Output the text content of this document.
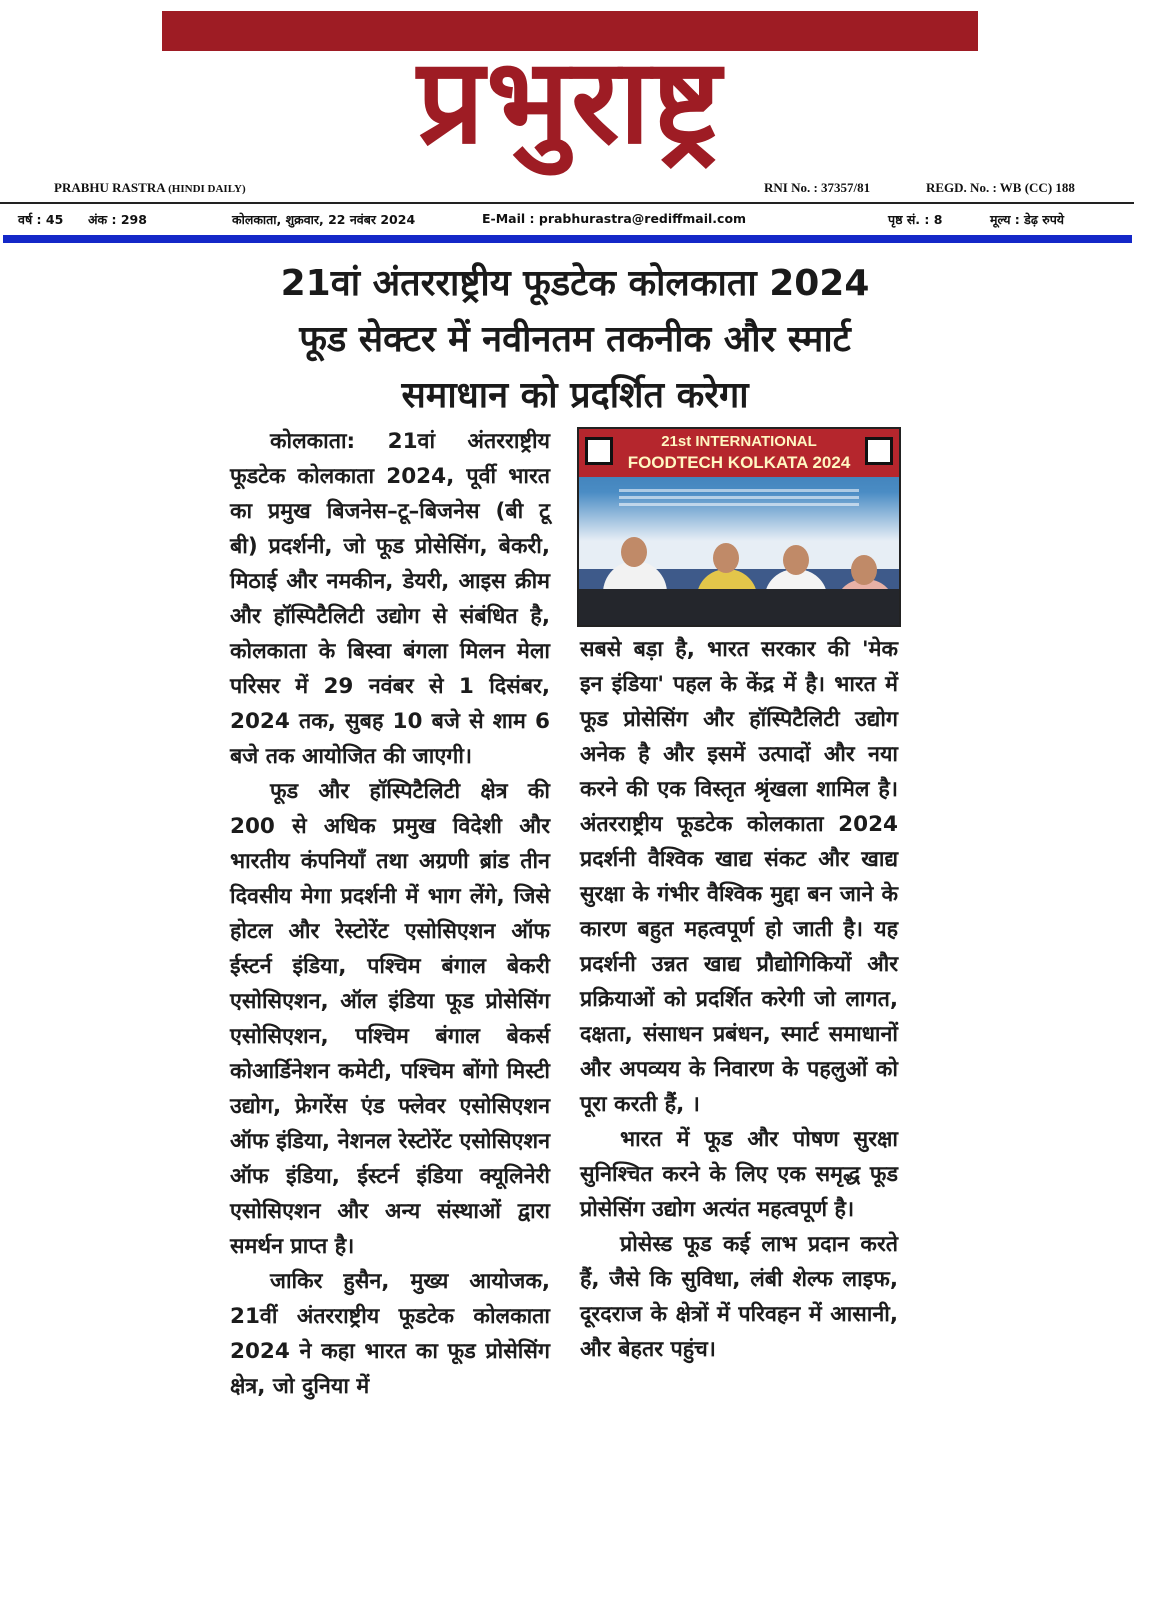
प्रभुराष्ट्र
PRABHU RASTRA (HINDI DAILY)	RNI No. : 37357/81	REGD. No. : WB (CC) 188
वर्ष : 45 अंक : 298	कोलकाता, शुक्रवार, 22 नवंबर 2024	E-Mail : prabhurastra@rediffmail.com	पृष्ठ सं. : 8	मूल्य : डेढ़ रुपये
21वां अंतरराष्ट्रीय फूडटेक कोलकाता 2024
फूड सेक्टर में नवीनतम तकनीक और स्मार्ट
समाधान को प्रदर्शित करेगा

कोलकाता: 21वां अंतरराष्ट्रीय फूडटेक कोलकाता 2024, पूर्वी भारत का प्रमुख बिजनेस–टू–बिजनेस (बी टू बी) प्रदर्शनी, जो फूड प्रोसेसिंग, बेकरी, मिठाई और नमकीन, डेयरी, आइस क्रीम और हॉस्पिटैलिटी उद्योग से संबंधित है, कोलकाता के बिस्वा बंगला मिलन मेला परिसर में 29 नवंबर से 1 दिसंबर, 2024 तक, सुबह 10 बजे से शाम 6 बजे तक आयोजित की जाएगी।

फूड और हॉस्पिटैलिटी क्षेत्र की 200 से अधिक प्रमुख विदेशी और भारतीय कंपनियाँ तथा अग्रणी ब्रांड तीन दिवसीय मेगा प्रदर्शनी में भाग लेंगे, जिसे होटल और रेस्टोरेंट एसोसिएशन ऑफ ईस्टर्न इंडिया, पश्चिम बंगाल बेकरी एसोसिएशन, ऑल इंडिया फूड प्रोसेसिंग एसोसिएशन, पश्चिम बंगाल बेकर्स कोआर्डिनेशन कमेटी, पश्चिम बोंगो मिस्टी उद्योग, फ्रेगरेंस एंड फ्लेवर एसोसिएशन ऑफ इंडिया, नेशनल रेस्टोरेंट एसोसिएशन ऑफ इंडिया, ईस्टर्न इंडिया क्यूलिनेरी एसोसिएशन और अन्य संस्थाओं द्वारा समर्थन प्राप्त है।

जाकिर हुसैन, मुख्य आयोजक, 21वीं अंतरराष्ट्रीय फूडटेक कोलकाता 2024 ने कहा भारत का फूड प्रोसेसिंग क्षेत्र, जो दुनिया में

21st INTERNATIONAL
FOODTECH KOLKATA 2024

सबसे बड़ा है, भारत सरकार की 'मेक इन इंडिया' पहल के केंद्र में है। भारत में फूड प्रोसेसिंग और हॉस्पिटैलिटी उद्योग अनेक है और इसमें उत्पादों और नया करने की एक विस्तृत श्रृंखला शामिल है। अंतरराष्ट्रीय फूडटेक कोलकाता 2024 प्रदर्शनी वैश्विक खाद्य संकट और खाद्य सुरक्षा के गंभीर वैश्विक मुद्दा बन जाने के कारण बहुत महत्वपूर्ण हो जाती है। यह प्रदर्शनी उन्नत खाद्य प्रौद्योगिकियों और प्रक्रियाओं को प्रदर्शित करेगी जो लागत, दक्षता, संसाधन प्रबंधन, स्मार्ट समाधानों और अपव्यय के निवारण के पहलुओं को पूरा करती हैं, ।

भारत में फूड और पोषण सुरक्षा सुनिश्चित करने के लिए एक समृद्ध फूड प्रोसेसिंग उद्योग अत्यंत महत्वपूर्ण है।

प्रोसेस्ड फूड कई लाभ प्रदान करते हैं, जैसे कि सुविधा, लंबी शेल्फ लाइफ, दूरदराज के क्षेत्रों में परिवहन में आसानी, और बेहतर पहुंच।
